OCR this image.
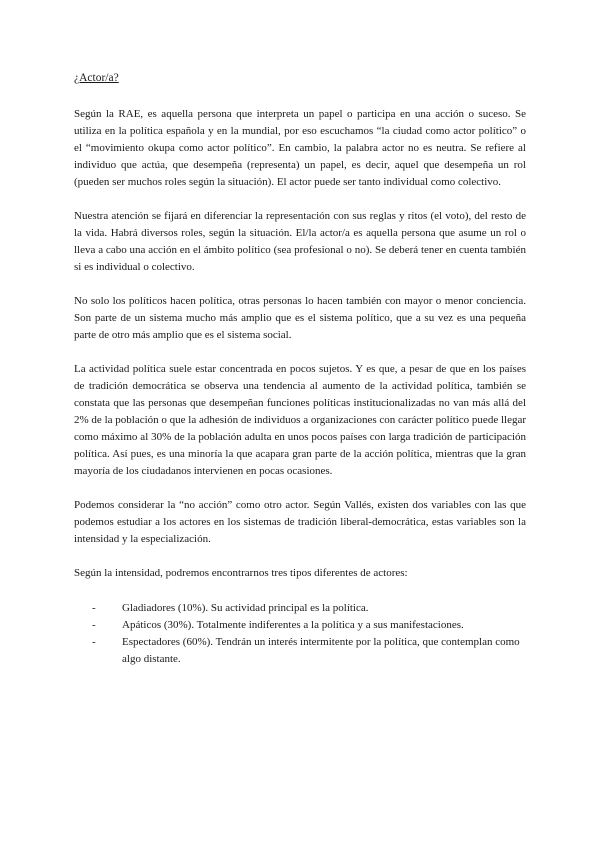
¿Actor/a?

Según la RAE, es aquella persona que interpreta un papel o participa en una acción o suceso. Se utiliza en la política española y en la mundial, por eso escuchamos “la ciudad como actor político” o el “movimiento okupa como actor político”. En cambio, la palabra actor no es neutra. Se refiere al individuo que actúa, que desempeña (representa) un papel, es decir, aquel que desempeña un rol (pueden ser muchos roles según la situación). El actor puede ser tanto individual como colectivo.

Nuestra atención se fijará en diferenciar la representación con sus reglas y ritos (el voto), del resto de la vida. Habrá diversos roles, según la situación. El/la actor/a es aquella persona que asume un rol o lleva a cabo una acción en el ámbito político (sea profesional o no). Se deberá tener en cuenta también si es individual o colectivo.

No solo los políticos hacen política, otras personas lo hacen también con mayor o menor conciencia. Son parte de un sistema mucho más amplio que es el sistema político, que a su vez es una pequeña parte de otro más amplio que es el sistema social.

La actividad política suele estar concentrada en pocos sujetos. Y es que, a pesar de que en los países de tradición democrática se observa una tendencia al aumento de la actividad política, también se constata que las personas que desempeñan funciones políticas institucionalizadas no van más allá del 2% de la población o que la adhesión de individuos a organizaciones con carácter político puede llegar como máximo al 30% de la población adulta en unos pocos países con larga tradición de participación política. Así pues, es una minoría la que acapara gran parte de la acción política, mientras que la gran mayoría de los ciudadanos intervienen en pocas ocasiones.

Podemos considerar la “no acción” como otro actor. Según Vallés, existen dos variables con las que podemos estudiar a los actores en los sistemas de tradición liberal-democrática, estas variables son la intensidad y la especialización.

Según la intensidad, podremos encontrarnos tres tipos diferentes de actores:

- Gladiadores (10%). Su actividad principal es la política.
- Apáticos (30%). Totalmente indiferentes a la política y a sus manifestaciones.
- Espectadores (60%). Tendrán un interés intermitente por la política, que contemplan como algo distante.
